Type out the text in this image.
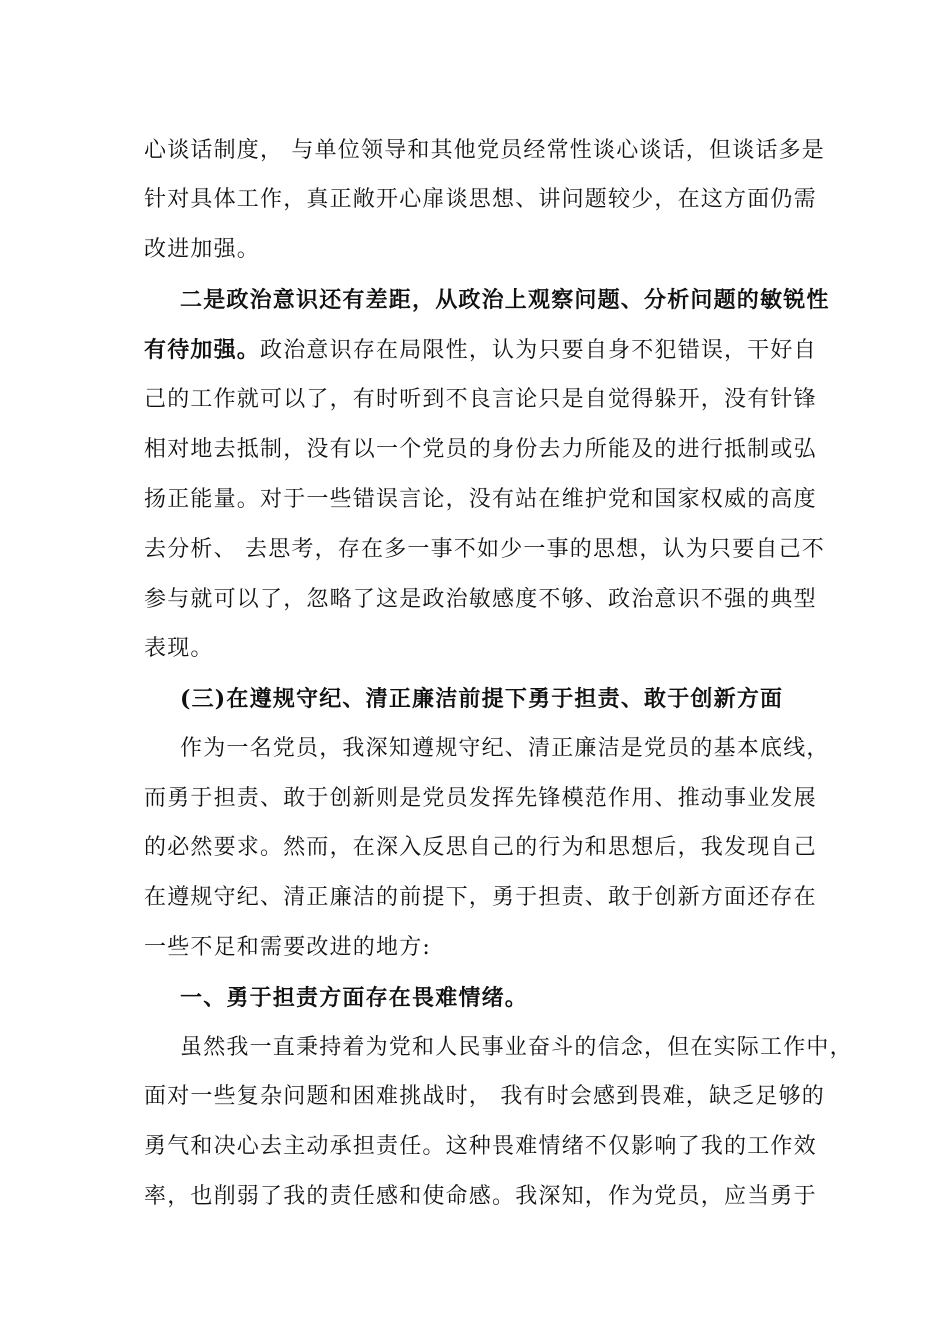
心谈话制度， 与单位领导和其他党员经常性谈心谈话，但谈话多是
针对具体工作，真正敞开心扉谈思想、讲问题较少，在这方面仍需
改进加强。
二是政治意识还有差距，从政治上观察问题、分析问题的敏锐性
有待加强。政治意识存在局限性，认为只要自身不犯错误，干好自
己的工作就可以了，有时听到不良言论只是自觉得躲开，没有针锋
相对地去抵制，没有以一个党员的身份去力所能及的进行抵制或弘
扬正能量。对于一些错误言论，没有站在维护党和国家权威的高度
去分析、 去思考，存在多一事不如少一事的思想，认为只要自己不
参与就可以了，忽略了这是政治敏感度不够、政治意识不强的典型
表现。
(三)在遵规守纪、清正廉洁前提下勇于担责、敢于创新方面
作为一名党员，我深知遵规守纪、清正廉洁是党员的基本底线，
而勇于担责、敢于创新则是党员发挥先锋模范作用、推动事业发展
的必然要求。然而，在深入反思自己的行为和思想后，我发现自己
在遵规守纪、清正廉洁的前提下，勇于担责、敢于创新方面还存在
一些不足和需要改进的地方:
一、勇于担责方面存在畏难情绪。
虽然我一直秉持着为党和人民事业奋斗的信念，但在实际工作中，
面对一些复杂问题和困难挑战时， 我有时会感到畏难，缺乏足够的
勇气和决心去主动承担责任。这种畏难情绪不仅影响了我的工作效
率，也削弱了我的责任感和使命感。我深知，作为党员，应当勇于
